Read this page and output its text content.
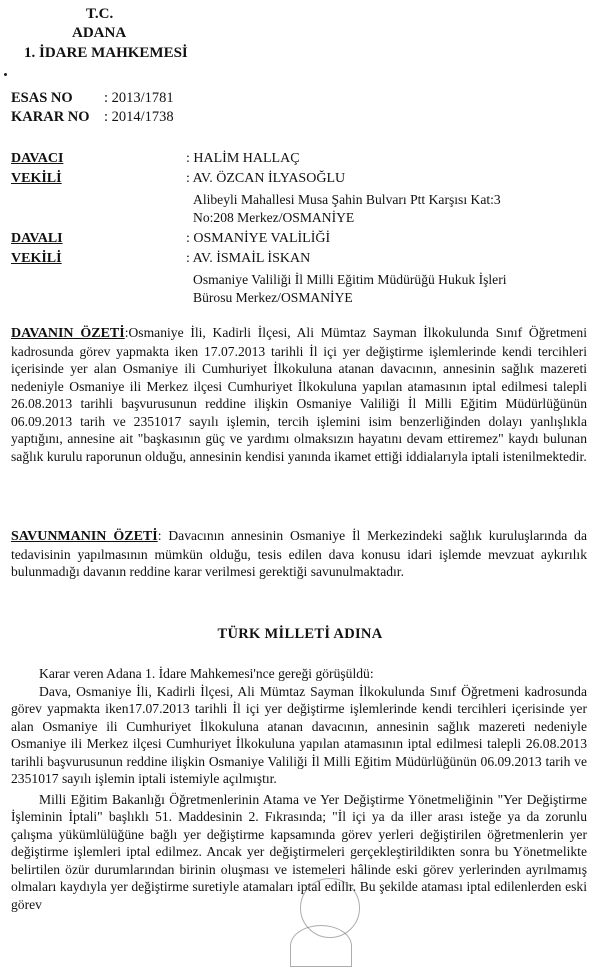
T.C.
ADANA
1. İDARE MAHKEMESİ
ESAS NO : 2013/1781
KARAR NO : 2014/1738
DAVACI	: HALİM HALLAÇ
VEKİLİ	: AV. ÖZCAN İLYASOĞLU
Alibeyli Mahallesi Musa Şahin Bulvarı Ptt Karşısı Kat:3
No:208 Merkez/OSMANİYE
DAVALI	: OSMANİYE VALİLİĞİ
VEKİLİ	: AV. İSMAİL İSKAN
Osmaniye Valiliği İl Milli Eğitim Müdürüğü Hukuk İşleri
Bürosu Merkez/OSMANİYE

DAVANIN ÖZETİ:Osmaniye İli, Kadirli İlçesi, Ali Mümtaz Sayman İlkokulunda Sınıf Öğretmeni kadrosunda görev yapmakta iken 17.07.2013 tarihli İl içi yer değiştirme işlemlerinde kendi tercihleri içerisinde yer alan Osmaniye ili Cumhuriyet İlkokuluna atanan davacının, annesinin sağlık mazereti nedeniyle Osmaniye ili Merkez ilçesi Cumhuriyet İlkokuluna yapılan atamasının iptal edilmesi talepli 26.08.2013 tarihli başvurusunun reddine ilişkin Osmaniye Valiliği İl Milli Eğitim Müdürlüğünün 06.09.2013 tarih ve 2351017 sayılı işlemin, tercih işlemini isim benzerliğinden dolayı yanlışlıkla yaptığını, annesine ait "başkasının güç ve yardımı olmaksızın hayatını devam ettiremez" kaydı bulunan sağlık kurulu raporunun olduğu, annesinin kendisi yanında ikamet ettiği iddialarıyla iptali istenilmektedir.

SAVUNMANIN ÖZETİ: Davacının annesinin Osmaniye İl Merkezindeki sağlık kuruluşlarında da tedavisinin yapılmasının mümkün olduğu, tesis edilen dava konusu idari işlemde mevzuat aykırılık bulunmadığı davanın reddine karar verilmesi gerektiği savunulmaktadır.

TÜRK MİLLETİ ADINA

Karar veren Adana 1. İdare Mahkemesi'nce gereği görüşüldü:

Dava, Osmaniye İli, Kadirli İlçesi, Ali Mümtaz Sayman İlkokulunda Sınıf Öğretmeni kadrosunda görev yapmakta iken17.07.2013 tarihli İl içi yer değiştirme işlemlerinde kendi tercihleri içerisinde yer alan Osmaniye ili Cumhuriyet İlkokuluna atanan davacının, annesinin sağlık mazereti nedeniyle Osmaniye ili Merkez ilçesi Cumhuriyet İlkokuluna yapılan atamasının iptal edilmesi talepli 26.08.2013 tarihli başvurusunun reddine ilişkin Osmaniye Valiliği İl Milli Eğitim Müdürlüğünün 06.09.2013 tarih ve 2351017 sayılı işlemin iptali istemiyle açılmıştır.

Milli Eğitim Bakanlığı Öğretmenlerinin Atama ve Yer Değiştirme Yönetmeliğinin "Yer Değiştirme İşleminin İptali" başlıklı 51. Maddesinin 2. Fıkrasında; "İl içi ya da iller arası isteğe ya da zorunlu çalışma yükümlülüğüne bağlı yer değiştirme kapsamında görev yerleri değiştirilen öğretmenlerin yer değiştirme işlemleri iptal edilmez. Ancak yer değiştirmeleri gerçekleştirildikten sonra bu Yönetmelikte belirtilen özür durumlarından birinin oluşması ve istemeleri hâlinde eski görev yerlerinden ayrılmamış olmaları kaydıyla yer değiştirme suretiyle atamaları iptal edilir. Bu şekilde ataması iptal edilenlerden eski görev
